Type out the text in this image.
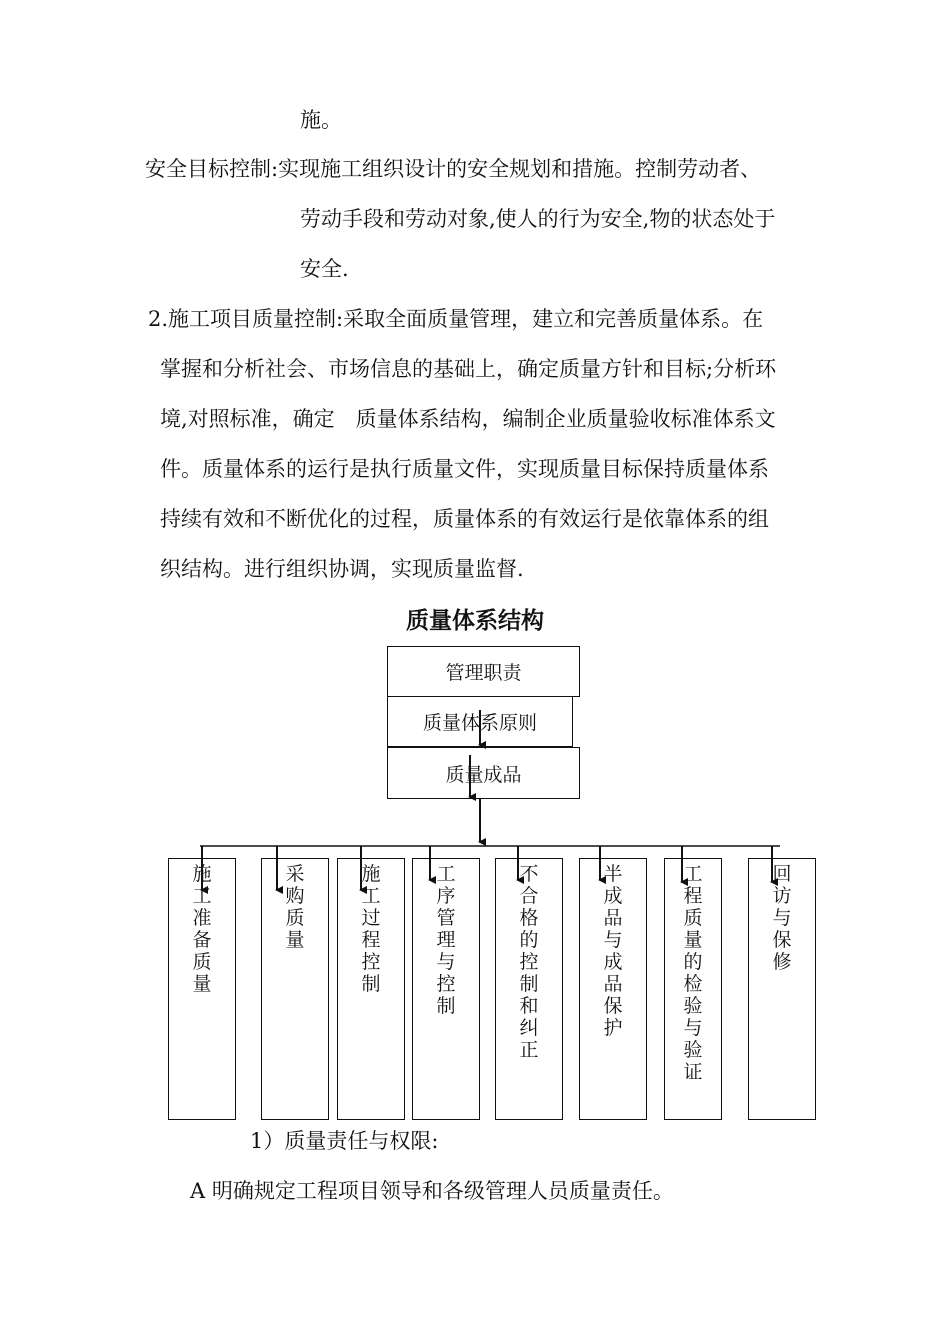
施。
安全目标控制:实现施工组织设计的安全规划和措施。控制劳动者、
劳动手段和劳动对象,使人的行为安全,物的状态处于
安全.
2.施工项目质量控制:采取全面质量管理，建立和完善质量体系。在
掌握和分析社会、市场信息的基础上，确定质量方针和目标;分析环
境,对照标准，确定　质量体系结构，编制企业质量验收标准体系文
件。质量体系的运行是执行质量文件，实现质量目标保持质量体系
持续有效和不断优化的过程，质量体系的有效运行是依靠体系的组
织结构。进行组织协调，实现质量监督.
质量体系结构
管理职责
质量体系原则
质量成品
施工准备质量
采购质量
施工过程控制
工序管理与控制
不合格的控制和纠正
半成品与成品保护
工程质量的检验与验证
回访与保修
1）质量责任与权限:
A 明确规定工程项目领导和各级管理人员质量责任。
